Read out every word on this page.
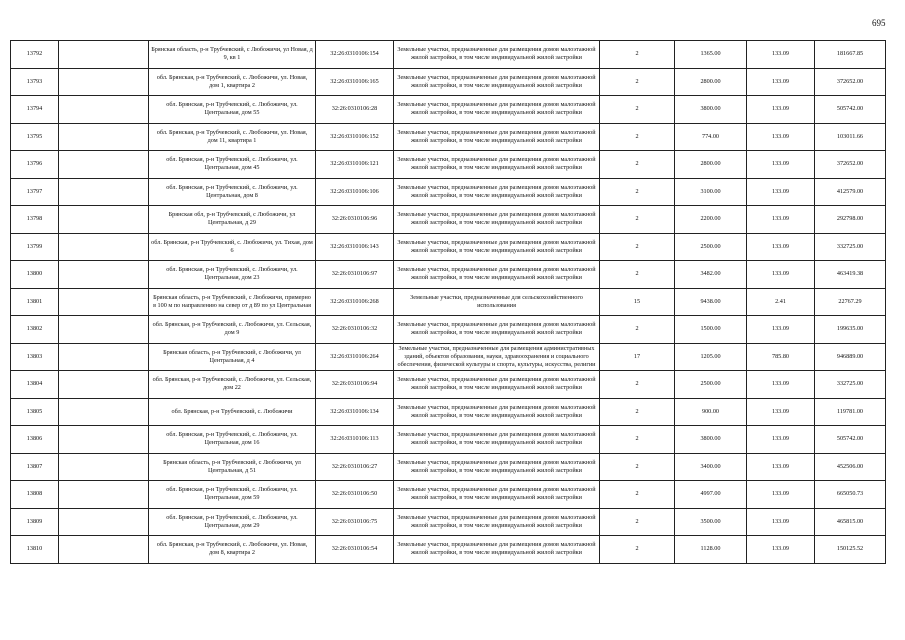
695
13792		Брянская область, р-н Трубчевский, с Любожичи, ул Новая, д 9, кв 1	32:26:0310106:154	Земельные участки, предназначенные для размещения домов малоэтажной жилой застройки, в том числе индивидуальной жилой застройки	2	1365.00	133.09	181667.85
13793		обл. Брянская, р-н Трубчевский, с. Любожичи, ул. Новая, дом 1, квартира 2	32:26:0310106:165	Земельные участки, предназначенные для размещения домов малоэтажной жилой застройки, в том числе индивидуальной жилой застройки	2	2800.00	133.09	372652.00
13794		обл. Брянская, р-н Трубчевский, с. Любожичи, ул. Центральная, дом 55	32:26:0310106:28	Земельные участки, предназначенные для размещения домов малоэтажной жилой застройки, в том числе индивидуальной жилой застройки	2	3800.00	133.09	505742.00
13795		обл. Брянская, р-н Трубчевский, с. Любожичи, ул. Новая, дом 11, квартира 1	32:26:0310106:152	Земельные участки, предназначенные для размещения домов малоэтажной жилой застройки, в том числе индивидуальной жилой застройки	2	774.00	133.09	103011.66
13796		обл. Брянская, р-н Трубчевский, с. Любожичи, ул. Центральная, дом 45	32:26:0310106:121	Земельные участки, предназначенные для размещения домов малоэтажной жилой застройки, в том числе индивидуальной жилой застройки	2	2800.00	133.09	372652.00
13797		обл. Брянская, р-н Трубчевский, с. Любожичи, ул. Центральная, дом 8	32:26:0310106:106	Земельные участки, предназначенные для размещения домов малоэтажной жилой застройки, в том числе индивидуальной жилой застройки	2	3100.00	133.09	412579.00
13798		Брянская обл, р-н Трубчевский, с Любожичи, ул Центральная, д 29	32:26:0310106:96	Земельные участки, предназначенные для размещения домов малоэтажной жилой застройки, в том числе индивидуальной жилой застройки	2	2200.00	133.09	292798.00
13799		обл. Брянская, р-н Трубчевский, с. Любожичи, ул. Тихая, дом 6	32:26:0310106:143	Земельные участки, предназначенные для размещения домов малоэтажной жилой застройки, в том числе индивидуальной жилой застройки	2	2500.00	133.09	332725.00
13800		обл. Брянская, р-н Трубчевский, с. Любожичи, ул. Центральная, дом 23	32:26:0310106:97	Земельные участки, предназначенные для размещения домов малоэтажной жилой застройки, в том числе индивидуальной жилой застройки	2	3482.00	133.09	463419.38
13801		Брянская область, р-н Трубчевский, с Любожичи, примерно в 100 м по направлению на север от д 89 по ул Центральная	32:26:0310106:268	Земельные участки, предназначенные для сельскохозяйственного использования	15	9438.00	2.41	22767.29
13802		обл. Брянская, р-н Трубчевский, с. Любожичи, ул. Сельская, дом 9	32:26:0310106:32	Земельные участки, предназначенные для размещения домов малоэтажной жилой застройки, в том числе индивидуальной жилой застройки	2	1500.00	133.09	199635.00
13803		Брянская область, р-н Трубчевский, с Любожичи, ул Центральная, д 4	32:26:0310106:264	Земельные участки, предназначенные для размещения административных зданий, объектов образования, науки, здравоохранения и социального обеспечения, физической культуры и спорта, культуры, искусства, религии	17	1205.00	785.80	946889.00
13804		обл. Брянская, р-н Трубчевский, с. Любожичи, ул. Сельская, дом 22	32:26:0310106:94	Земельные участки, предназначенные для размещения домов малоэтажной жилой застройки, в том числе индивидуальной жилой застройки	2	2500.00	133.09	332725.00
13805		обл. Брянская, р-н Трубчевский, с. Любожичи	32:26:0310106:134	Земельные участки, предназначенные для размещения домов малоэтажной жилой застройки, в том числе индивидуальной жилой застройки	2	900.00	133.09	119781.00
13806		обл. Брянская, р-н Трубчевский, с. Любожичи, ул. Центральная, дом 16	32:26:0310106:113	Земельные участки, предназначенные для размещения домов малоэтажной жилой застройки, в том числе индивидуальной жилой застройки	2	3800.00	133.09	505742.00
13807		Брянская область, р-н Трубчевский, с Любожичи, ул Центральная, д 51	32:26:0310106:27	Земельные участки, предназначенные для размещения домов малоэтажной жилой застройки, в том числе индивидуальной жилой застройки	2	3400.00	133.09	452506.00
13808		обл. Брянская, р-н Трубчевский, с. Любожичи, ул. Центральная, дом 59	32:26:0310106:50	Земельные участки, предназначенные для размещения домов малоэтажной жилой застройки, в том числе индивидуальной жилой застройки	2	4997.00	133.09	665050.73
13809		обл. Брянская, р-н Трубчевский, с. Любожичи, ул. Центральная, дом 29	32:26:0310106:75	Земельные участки, предназначенные для размещения домов малоэтажной жилой застройки, в том числе индивидуальной жилой застройки	2	3500.00	133.09	465815.00
13810		обл. Брянская, р-н Трубчевский, с. Любожичи, ул. Новая, дом 8, квартира 2	32:26:0310106:54	Земельные участки, предназначенные для размещения домов малоэтажной жилой застройки, в том числе индивидуальной жилой застройки	2	1128.00	133.09	150125.52
